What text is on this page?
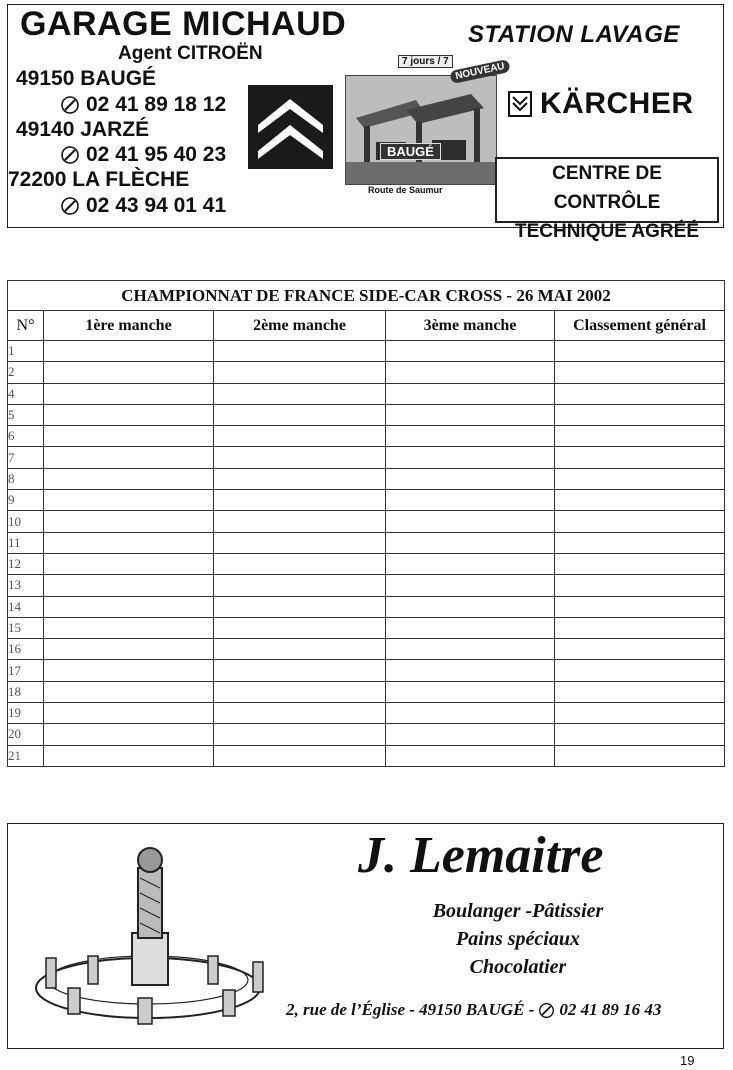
GARAGE MICHAUD
Agent CITROËN
49150 BAUGÉ
02 41 89 18 12
49140 JARZÉ
02 41 95 40 23
72200 LA FLÈCHE
02 43 94 01 41
7 jours / 7 NOUVEAU
BAUGÉ
Route de Saumur
STATION LAVAGE
KÄRCHER
CENTRE DE CONTRÔLE
TECHNIQUE AGRÉÉ
CHAMPIONNAT DE FRANCE SIDE-CAR CROSS - 26 MAI 2002				
N°	1ère manche	2ème manche	3ème manche	Classement général
1				
2				
4				
5				
6				
7				
8				
9				
10				
11				
12				
13				
14				
15				
16				
17				
18				
19				
20				
21				
J. Lemaitre
Boulanger -Pâtissier
Pains spéciaux
Chocolatier
2, rue de l’Église - 49150 BAUGÉ - 02 41 89 16 43
19
